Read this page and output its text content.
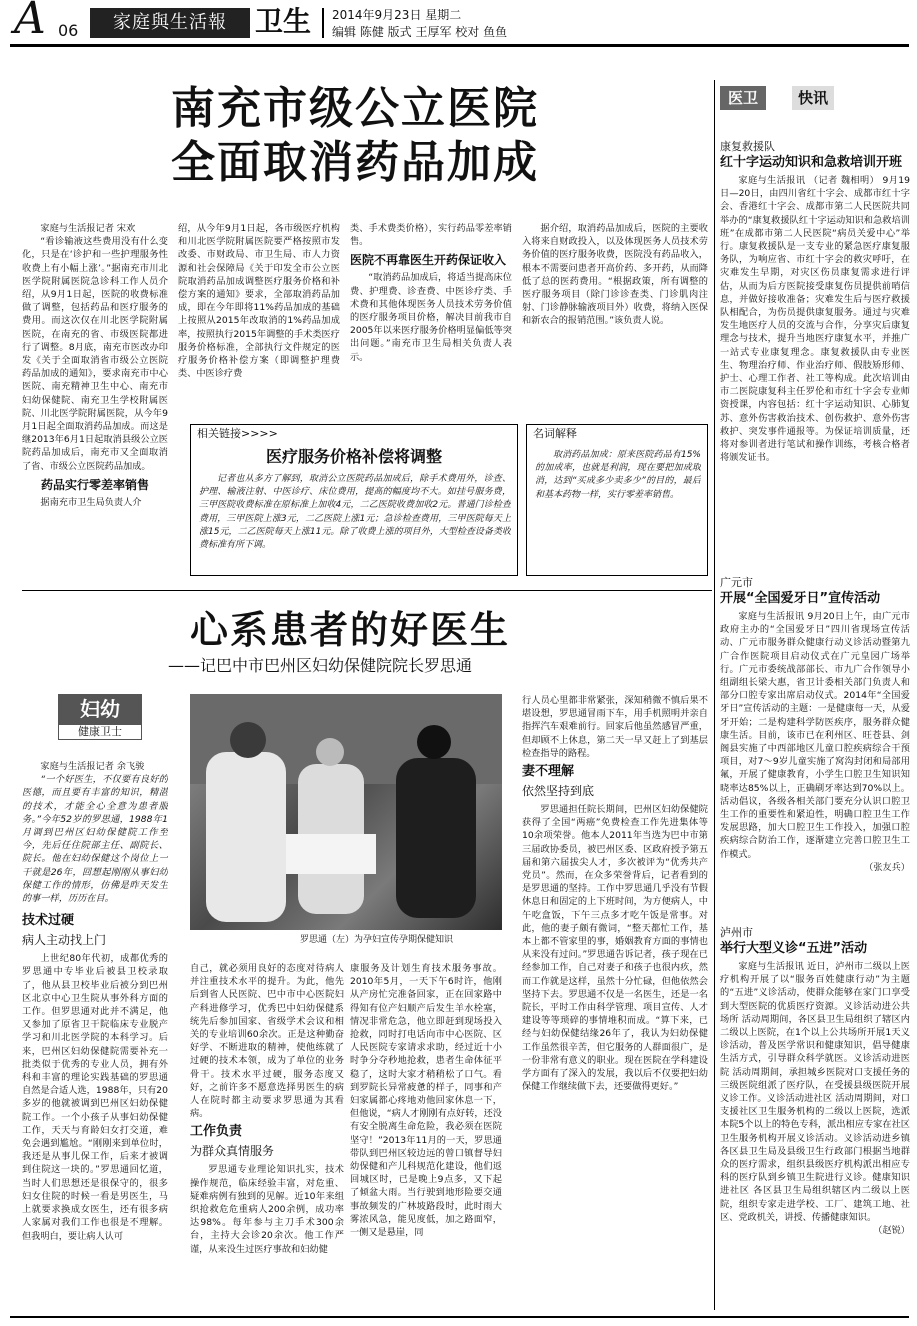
A 06	家庭與生活報	卫生 2014年9月23日 星期二
编辑 陈健 版式 王厚军 校对 鱼鱼
南充市级公立医院
全面取消药品加成

家庭与生活报记者 宋欢

“看诊输液这些费用没有什么变化，只是在‘诊护和一些护理服务性收费上有小幅上涨’。”据南充市川北医学院附属医院急诊科工作人员介绍，从9月1日起，医院的收费标准做了调整，包括药品和医疗服务的费用。而这次仅在川北医学院附属医院，在南充的省、市级医院都进行了调整。8月底，南充市医改办印发《关于全面取消省市级公立医院药品加成的通知》，要求南充市中心医院、南充精神卫生中心、南充市妇幼保健院、南充卫生学校附属医院、川北医学院附属医院，从今年9月1日起全面取消药品加成。而这是继2013年6月1日起取消县级公立医院药品加成后，南充市又全面取消了省、市级公立医院药品加成。

药品实行零差率销售

据南充市卫生局负责人介

绍，从今年9月1日起，各市级医疗机构和川北医学院附属医院要严格按照市发改委、市财政局、市卫生局、市人力资源和社会保障局《关于印发全市公立医院取消药品加成调整医疗服务价格和补偿方案的通知》要求，全部取消药品加成，即在今年即将11%药品加成的基础上按照从2015年改取消的1%药品加成率，按照执行2015年调整的手术类医疗服务价格标准，全部执行文件规定的医疗服务价格补偿方案（即调整护理费类、中医诊疗费

类、手术费类价格），实行药品零差率销售。

医院不再靠医生开药保证收入

“取消药品加成后，将适当提高床位费、护理费、诊查费、中医诊疗类、手术费和其他体现医务人员技术劳务价值的医疗服务项目价格，解决目前我市自2005年以来医疗服务价格明显偏低等突出问题。”南充市卫生局相关负责人表示。

据介绍，取消药品加成后，医院的主要收入将来自财政投入，以及体现医务人员技术劳务价值的医疗服务收费，医院没有药品收入，根本不需要问患者开高价药、多开药，从而降低了总的医药费用。“根据政策，所有调整的医疗服务项目（除门诊诊查类、门诊肌肉注射、门诊静脉输液项目外）收费，将纳入医保和新农合的报销范围。”该负责人说。

相关链接>>>>
医疗服务价格补偿将调整
记者也从多方了解到，取消公立医院药品加成后，除手术费用外，诊查、护理、输液注射、中医诊疗、床位费用，提高的幅度均不大。如挂号服务费，三甲医院收费标准在原标准上加收4元，二乙医院收费加收2元。普通门诊检查费用，三甲医院上涨3元，二乙医院上涨1元；急诊检查费用，三甲医院每天上涨15元，二乙医院每天上涨11元。除了收费上涨的项目外，大型检查设备类收费标准有所下调。
名词解释
取消药品加成：原来医院药品有15%的加成率，也就是利润，现在要把加成取消，达到“买成多少卖多少”的目的，最后和基本药物一样，实行零差率销售。
心系患者的好医生
——记巴中市巴州区妇幼保健院院长罗思通
妇幼
健康卫士

家庭与生活报记者 余飞骏

“一个好医生，不仅要有良好的医德，而且要有丰富的知识，精湛的技术，才能全心全意为患者服务。”今年52岁的罗思通，1988年1月调到巴州区妇幼保健院工作至今，先后任住院部主任、副院长、院长。他在妇幼保健这个岗位上一干就是26年，回想起刚刚从事妇幼保健工作的情形，仿佛是昨天发生的事一样，历历在目。

技术过硬
病人主动找上门

上世纪80年代初，成都优秀的罗思通中专毕业后被县卫校录取了，他从县卫校毕业后被分到巴州区北京中心卫生院从事外科方面的工作。但罗思通对此并不满足，他又参加了原省卫干院临床专业脱产学习和川北医学院的本科学习。后来，巴州区妇幼保健院需要补充一批类似于优秀的专业人员，拥有外科和丰富的理论实践基础的罗思通自然是合适人选，1988年，只有20多岁的他就被调到巴州区妇幼保健院工作。一个小孩子从事妇幼保健工作，天天与育龄妇女打交道，难免会遇到尴尬。“刚刚来到单位时，我还是从事儿保工作，后来才被调到住院这一块的。”罗思通回忆道，当时人们思想还是很保守的，很多妇女住院的时候一看是男医生，马上就要求换成女医生，还有很多病人家属对我们工作也很是不理解。但我明白，要让病人认可

罗思通（左）为孕妇宣传孕期保健知识

自己，就必须用良好的态度对待病人并注重技术水平的提升。为此，他先后到省人民医院、巴中市中心医院妇产科进修学习，优秀巴中妇幼保健系统先后参加国家、省级学术会议和相关的专业培训60余次。正是这种勤奋好学、不断进取的精神，使他练就了过硬的技术本领，成为了单位的业务骨干。技术水平过硬，服务态度又好，之前许多不愿意选择男医生的病人在院时都主动要求罗思通为其看病。

工作负责
为群众真情服务

罗思通专业理论知识扎实，技术操作规范，临床经验丰富，对危重、疑难病例有独到的见解。近10年来组织抢救危危重病人200余例，成功率达98%。每年参与主刀手术300余台，主持大会诊20余次。他工作严谨，从来没生过医疗事故和妇幼健

康服务及计划生育技术服务事故。2010年5月，一天下午6时许，他刚从产房忙完准备回家，正在回家路中得知有位产妇顺产后发生羊水栓塞，情况非常危急，他立即赶到现场投入抢救，同时打电话向市中心医院、区人民医院专家请求求助，经过近十小时争分夺秒地抢救，患者生命体征平稳了，这时大家才稍稍松了口气。看到罗院长异常疲惫的样子，同事和产妇家属都心疼地劝他回家休息一下，但他说，“病人才刚刚有点好转，还没有安全脱离生命危险，我必须在医院坚守！”2013年11月的一天，罗思通带队到巴州区较边远的曾口镇督导妇幼保健和产儿科规范化建设，他们返回城区时，已是晚上9点多，又下起了倾盆大雨。当行驶到地形险要交通事故频发的广林坡路段时，此时雨大雾浓风急，能见度低，加之路面窄，一侧又是悬崖，同

行人员心里都非常紧张，深知稍微不慎后果不堪设想，罗思通冒雨下车，用手机照明并亲自指挥汽车艰难前行。回家后他虽然感冒严重，但却顾不上休息，第二天一早又赶上了到基层检查指导的路程。

妻不理解
依然坚持到底

罗思通担任院长期间，巴州区妇幼保健院获得了全国“两癌”免费检查工作先进集体等10余项荣誉。他本人2011年当选为巴中市第三届政协委员，被巴州区委、区政府授予第五届和第六届拔尖人才，多次被评为“优秀共产党员”。然而，在众多荣誉背后，记者看到的是罗思通的坚持。工作中罗思通几乎没有节假休息日和固定的上下班时间，为方便病人，中午吃盒饭，下午三点多才吃午饭是常事。对此，他的妻子颇有微词，“整天都忙工作，基本上都不管家里的事，婚姻教育方面的事情也从来没有过问。”罗思通告诉记者，孩子现在已经参加工作，自己对妻子和孩子也很内疚，然而工作就是这样，虽然十分忙碌，但他依然会坚持下去。罗思通不仅是一名医生，还是一名院长，平时工作由科学管理、项目宣传、人才建设等等琐碎的事情堆积而成。“算下来，已经与妇幼保健结缘26年了，我认为妇幼保健工作虽然很辛苦，但它服务的人群面很广，是一份非常有意义的职业。现在医院在学科建设学方面有了深入的发展，我以后不仅要把妇幼保健工作继续做下去，还要做得更好。”

医卫	快讯
康复救援队
红十字运动知识和急救培训开班

家庭与生活报讯 （记者 魏相明） 9月19日—20日，由四川省红十字会、成都市红十字会、香港红十字会、成都市第二人民医院共同举办的“康复救援队红十字运动知识和急救培训班”在成都市第二人民医院“病员关爱中心”举行。康复救援队是一支专业的紧急医疗康复服务队，为响应省、市红十字会的救灾呼吁，在灾难发生早期，对灾区伤员康复需求进行评估，从而为后方医院接受康复伤员提供前哨信息，并做好接收准备；灾难发生后与医疗救援队相配合，为伤员提供康复服务。通过与灾难发生地医疗人员的交流与合作，分享灾后康复理念与技术，提升当地医疗康复水平，并推广一站式专业康复理念。康复救援队由专业医生、物理治疗师、作业治疗师、假肢矫形师、护士、心理工作者、社工等构成。此次培训由市二医院康复科主任罗伦和市红十字会专业师资授课，内容包括：红十字运动知识、心肺复苏、意外伤害救治技术、创伤救护、意外伤害救护、突发事件通报等。为保证培训质量，还将对参训者进行笔试和操作训练，考核合格者将颁发证书。

广元市
开展“全国爱牙日”宣传活动

家庭与生活报讯 9月20日上午，由广元市政府主办的“全国爱牙日”四川省现场宣传活动、广元市服务群众健康行动义诊活动暨第九广合作医院项目启动仪式在广元皇园广场举行。广元市委统战部部长、市九广合作领导小组副组长梁大惠，省卫计委相关部门负责人和部分口腔专家出席启动仪式。2014年“全国爱牙日”宣传活动的主题：一是健康每一天，从爱牙开始；二是构建科学防医疾序，服务群众健康生活。目前，该市已在利州区、旺苍县、剑阁县实施了中西部地区儿童口腔疾病综合干预项目，对7～9岁儿童实施了窝沟封闭和局部用氟，开展了健康教育，小学生口腔卫生知识知晓率达85%以上，正确刷牙率达到70%以上。活动倡议，各级各相关部门要充分认识口腔卫生工作的重要性和紧迫性，明确口腔卫生工作发展思路，加大口腔卫生工作投入，加强口腔疾病综合防治工作，逐渐建立完善口腔卫生工作模式。

（张友兵）
泸州市
举行大型义诊“五进”活动

家庭与生活报讯 近日，泸州市二级以上医疗机构开展了以“服务百姓健康行动”为主题的“五进”义诊活动，使群众能够在家门口享受到大型医院的优质医疗资源。义诊活动进公共场所 活动周期间，各区县卫生局组织了辖区内二级以上医院，在1个以上公共场所开展1天义诊活动，普及医学常识和健康知识，倡导健康生活方式，引导群众科学就医。义诊活动进医院 活动周期间，承担城乡医院对口支援任务的三级医院组派了医疗队，在受援县级医院开展义诊工作。义诊活动进社区 活动周期间，对口支援社区卫生服务机构的二级以上医院，选派本院5个以上的特色专科，派出相应专家在社区卫生服务机构开展义诊活动。义诊活动进乡镇 各区县卫生局及县级卫生行政部门根据当地群众的医疗需求，组织县级医疗机构派出相应专科的医疗队到乡镇卫生院进行义诊。健康知识进社区 各区县卫生局组织辖区内二级以上医院，组织专家走进学校、工厂、建筑工地、社区、党政机关，讲授、传播健康知识。

（赵锐）
